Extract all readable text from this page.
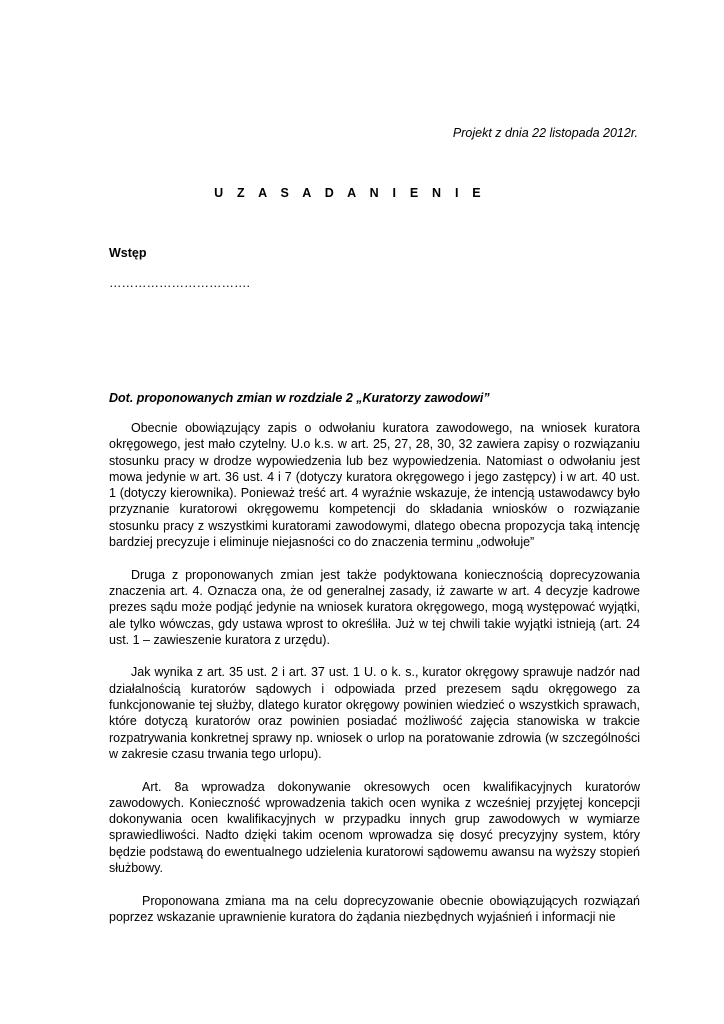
Projekt z dnia 22 listopada 2012r.
U Z A S A D A N I E N I E
Wstęp
…………………………….
Dot. proponowanych zmian w rozdziale 2 „Kuratorzy zawodowi”

Obecnie obowiązujący zapis o odwołaniu kuratora zawodowego, na wniosek kuratora okręgowego, jest mało czytelny. U.o k.s. w art. 25, 27, 28, 30, 32 zawiera zapisy o rozwiązaniu stosunku pracy w drodze wypowiedzenia lub bez wypowiedzenia. Natomiast o odwołaniu jest mowa jedynie w art. 36 ust. 4 i 7 (dotyczy kuratora okręgowego i jego zastępcy) i w art. 40 ust. 1 (dotyczy kierownika). Ponieważ treść art. 4 wyraźnie wskazuje, że intencją ustawodawcy było przyznanie kuratorowi okręgowemu kompetencji do składania wniosków o rozwiązanie stosunku pracy z wszystkimi kuratorami zawodowymi, dlatego obecna propozycja taką intencję bardziej precyzuje i eliminuje niejasności co do znaczenia terminu „odwołuje”

Druga z proponowanych zmian jest także podyktowana koniecznością doprecyzowania znaczenia art. 4. Oznacza ona, że od generalnej zasady, iż zawarte w art. 4 decyzje kadrowe prezes sądu może podjąć jedynie na wniosek kuratora okręgowego, mogą występować wyjątki, ale tylko wówczas, gdy ustawa wprost to określiła. Już w tej chwili takie wyjątki istnieją (art. 24 ust. 1 – zawieszenie kuratora z urzędu).

Jak wynika z art. 35 ust. 2 i art. 37 ust. 1 U. o k. s., kurator okręgowy sprawuje nadzór nad działalnością kuratorów sądowych i odpowiada przed prezesem sądu okręgowego za funkcjonowanie tej służby, dlatego kurator okręgowy powinien wiedzieć o wszystkich sprawach, które dotyczą kuratorów oraz powinien posiadać możliwość zajęcia stanowiska w trakcie rozpatrywania konkretnej sprawy np. wniosek o urlop na poratowanie zdrowia (w szczególności w zakresie czasu trwania tego urlopu).

Art. 8a wprowadza dokonywanie okresowych ocen kwalifikacyjnych kuratorów zawodowych. Konieczność wprowadzenia takich ocen wynika z wcześniej przyjętej koncepcji dokonywania ocen kwalifikacyjnych w przypadku innych grup zawodowych w wymiarze sprawiedliwości. Nadto dzięki takim ocenom wprowadza się dosyć precyzyjny system, który będzie podstawą do ewentualnego udzielenia kuratorowi sądowemu awansu na wyższy stopień służbowy.

Proponowana zmiana ma na celu doprecyzowanie obecnie obowiązujących rozwiązań poprzez wskazanie uprawnienie kuratora do żądania niezbędnych wyjaśnień i informacji nie
